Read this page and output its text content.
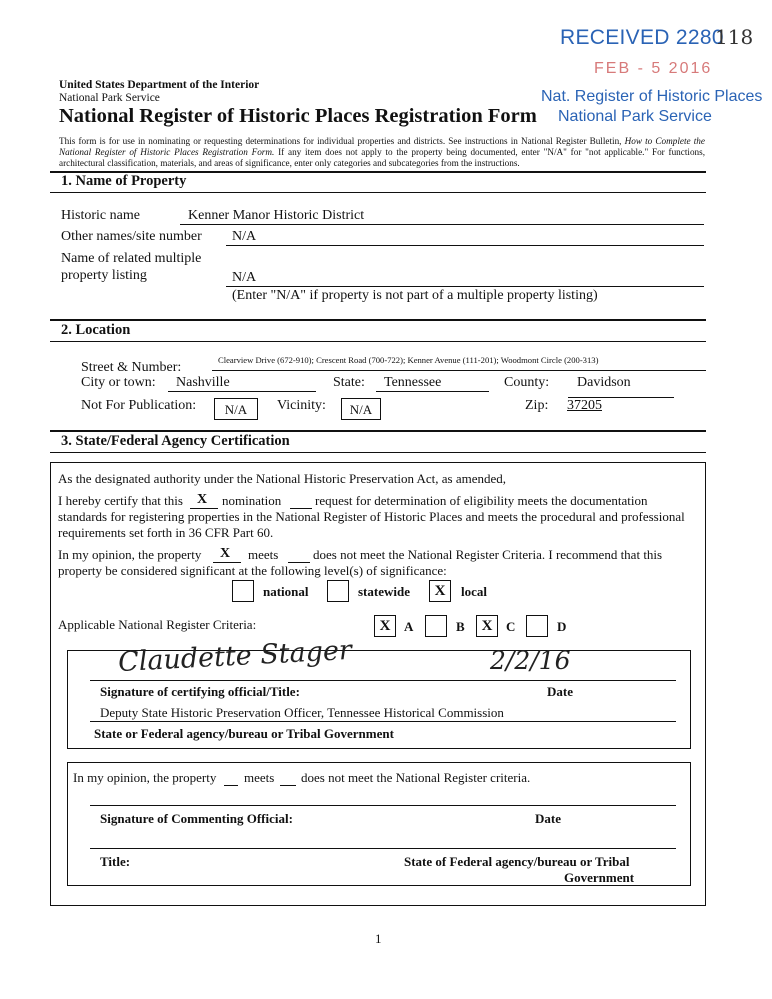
RECEIVED 2280
118
FEB - 5 2016
Nat. Register of Historic Places
National Park Service
United States Department of the Interior
National Park Service
National Register of Historic Places Registration Form
This form is for use in nominating or requesting determinations for individual properties and districts. See instructions in National Register Bulletin, How to Complete the National Register of Historic Places Registration Form. If any item does not apply to the property being documented, enter "N/A" for "not applicable." For functions, architectural classification, materials, and areas of significance, enter only categories and subcategories from the instructions.
1. Name of Property
Historic name	Kenner Manor Historic District
Other names/site number N/A
Name of related multiple
property listing	N/A
(Enter "N/A" if property is not part of a multiple property listing)
2. Location
Street & Number:	Clearview Drive (672-910); Crescent Road (700-722); Kenner Avenue (111-201); Woodmont Circle (200-313)
City or town: Nashville	State: Tennessee	County: Davidson
Not For Publication:	N/A	Vicinity:	N/A	Zip: 37205
3. State/Federal Agency Certification
As the designated authority under the National Historic Preservation Act, as amended,
I hereby certify that this X nomination	request for determination of eligibility meets the documentation
standards for registering properties in the National Register of Historic Places and meets the procedural and professional
requirements set forth in 36 CFR Part 60.
In my opinion, the property X meets	does not meet the National Register Criteria. I recommend that this
property be considered significant at the following level(s) of significance:
national	statewide	X	local
Applicable National Register Criteria:	X	A	B	X	C	D
Claudette Stager	2/2/16
Signature of certifying official/Title:	Date
Deputy State Historic Preservation Officer, Tennessee Historical Commission
State or Federal agency/bureau or Tribal Government
In my opinion, the property meets does not meet the National Register criteria.
Signature of Commenting Official:	Date
Title:	State of Federal agency/bureau or Tribal
Government
1
